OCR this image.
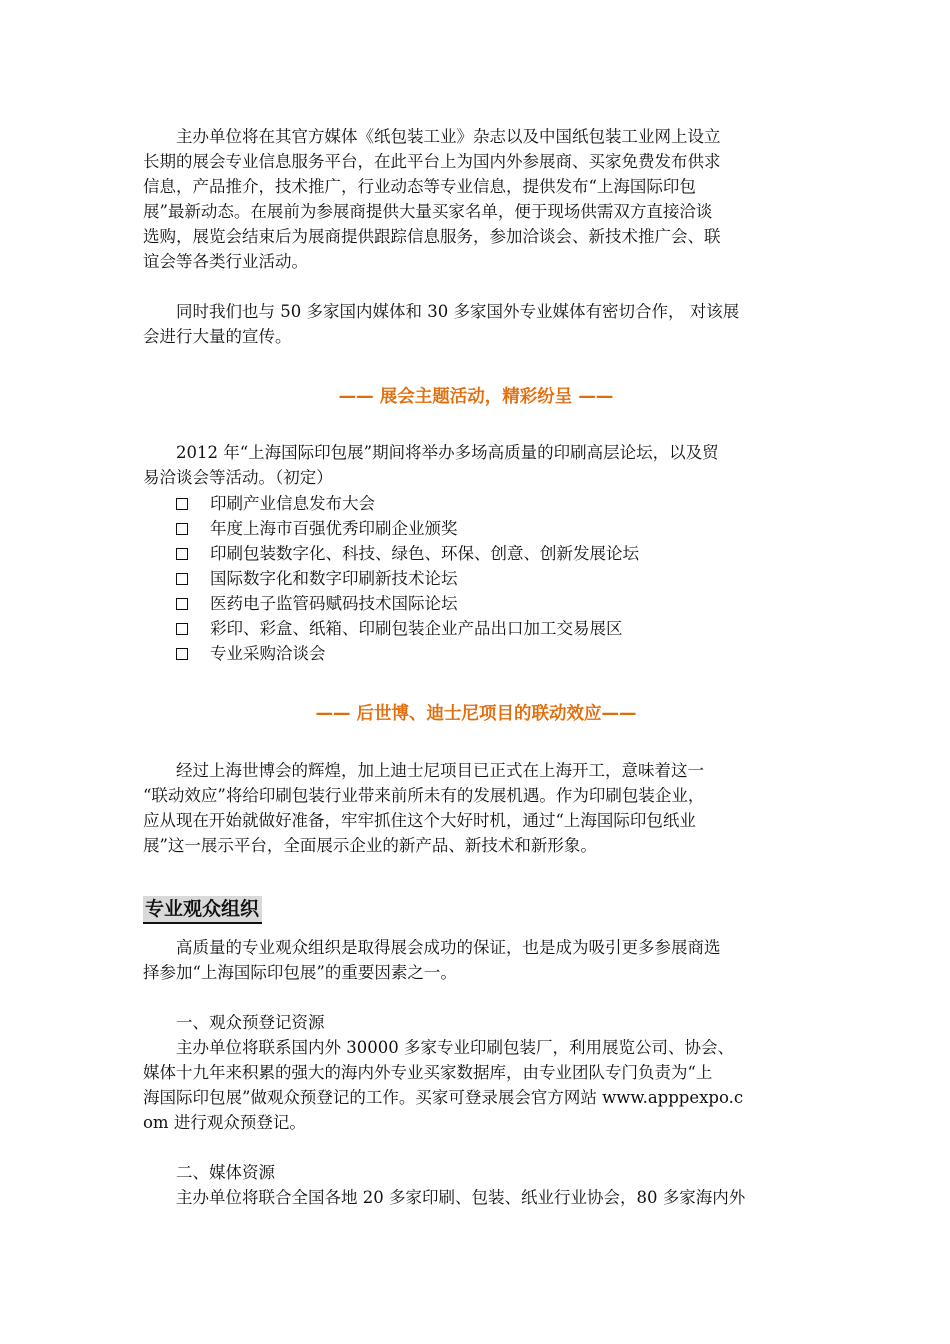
主办单位将在其官方媒体《纸包装工业》杂志以及中国纸包装工业网上设立
长期的展会专业信息服务平台，在此平台上为国内外参展商、买家免费发布供求
信息，产品推介，技术推广，行业动态等专业信息，提供发布“上海国际印包
展”最新动态。在展前为参展商提供大量买家名单，便于现场供需双方直接洽谈
选购，展览会结束后为展商提供跟踪信息服务，参加洽谈会、新技术推广会、联
谊会等各类行业活动。
同时我们也与 50 多家国内媒体和 30 多家国外专业媒体有密切合作， 对该展
会进行大量的宣传。
—— 展会主题活动，精彩纷呈 ——
2012 年“上海国际印包展”期间将举办多场高质量的印刷高层论坛，以及贸
易洽谈会等活动。（初定）
印刷产业信息发布大会
年度上海市百强优秀印刷企业颁奖
印刷包装数字化、科技、绿色、环保、创意、创新发展论坛
国际数字化和数字印刷新技术论坛
医药电子监管码赋码技术国际论坛
彩印、彩盒、纸箱、印刷包装企业产品出口加工交易展区
专业采购洽谈会
—— 后世博、迪士尼项目的联动效应——
经过上海世博会的辉煌，加上迪士尼项目已正式在上海开工，意味着这一
“联动效应”将给印刷包装行业带来前所未有的发展机遇。作为印刷包装企业，
应从现在开始就做好准备，牢牢抓住这个大好时机，通过“上海国际印包纸业
展”这一展示平台，全面展示企业的新产品、新技术和新形象。
专业观众组织
高质量的专业观众组织是取得展会成功的保证，也是成为吸引更多参展商选
择参加“上海国际印包展”的重要因素之一。
一、观众预登记资源
主办单位将联系国内外 30000 多家专业印刷包装厂，利用展览公司、协会、
媒体十九年来积累的强大的海内外专业买家数据库，由专业团队专门负责为“上
海国际印包展”做观众预登记的工作。买家可登录展会官方网站 www.apppexpo.c
om 进行观众预登记。
二、媒体资源
主办单位将联合全国各地 20 多家印刷、包装、纸业行业协会，80 多家海内外
